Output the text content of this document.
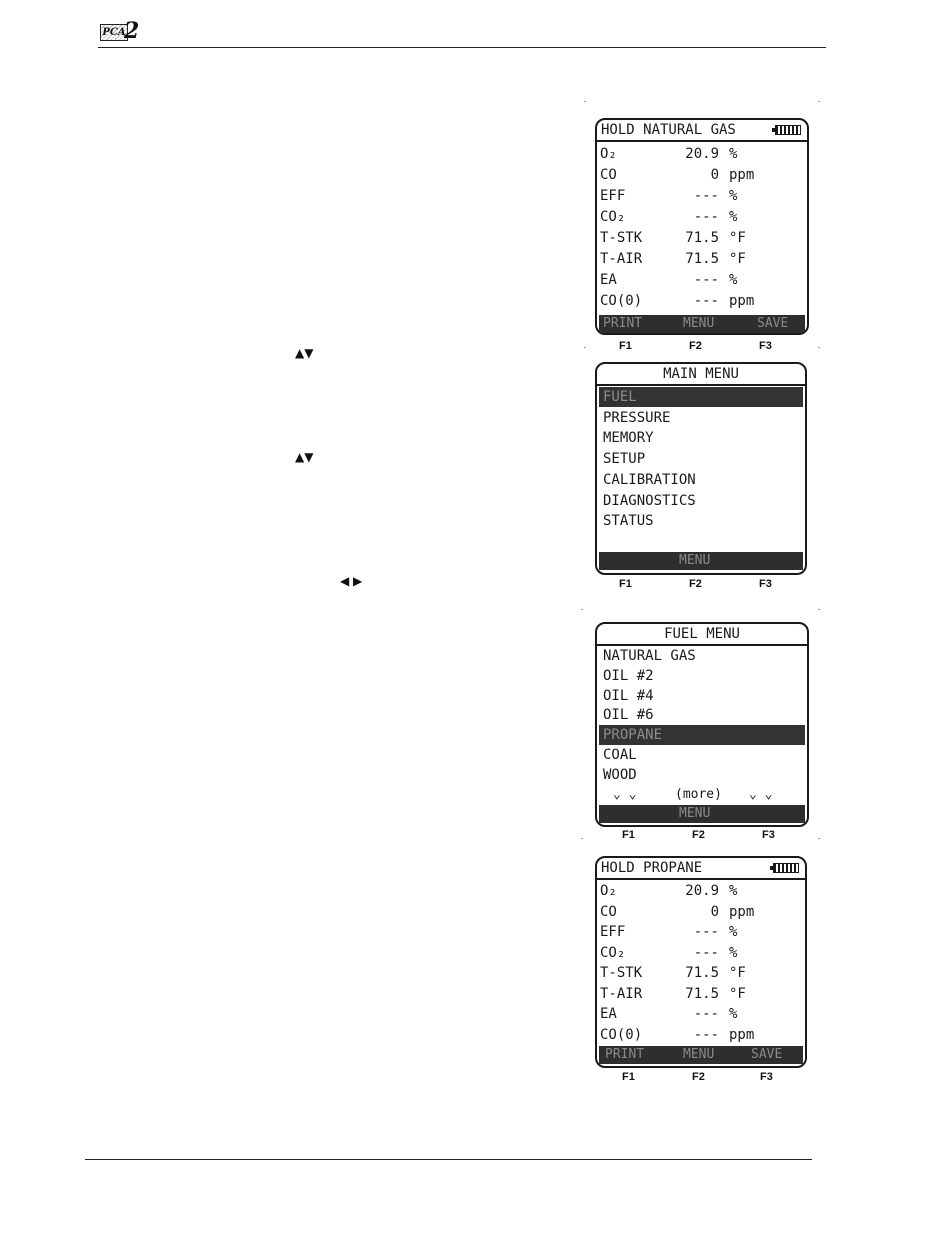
PCA
2
▲▼
▲▼
◀ ▶
HOLD NATURAL GAS
O₂	20.9 %
CO	0 ppm
EFF	--- %
CO₂	--- %
T-STK	71.5 °F
T-AIR	71.5 °F
EA	--- %
CO(0)	--- ppm
PRINT	MENU	SAVE
F1	F2	F3
MAIN MENU
FUEL
PRESSURE
MEMORY
SETUP
CALIBRATION
DIAGNOSTICS
STATUS
MENU
F1	F2	F3
FUEL MENU
NATURAL GAS
OIL #2
OIL #4
OIL #6
PROPANE
COAL
WOOD
⌄ ⌄	(more) ⌄ ⌄
MENU
F1	F2	F3
HOLD PROPANE
O₂	20.9 %
CO	0 ppm
EFF	--- %
CO₂	--- %
T-STK	71.5 °F
T-AIR	71.5 °F
EA	--- %
CO(0)	--- ppm
PRINT	MENU	SAVE
F1	F2	F3
